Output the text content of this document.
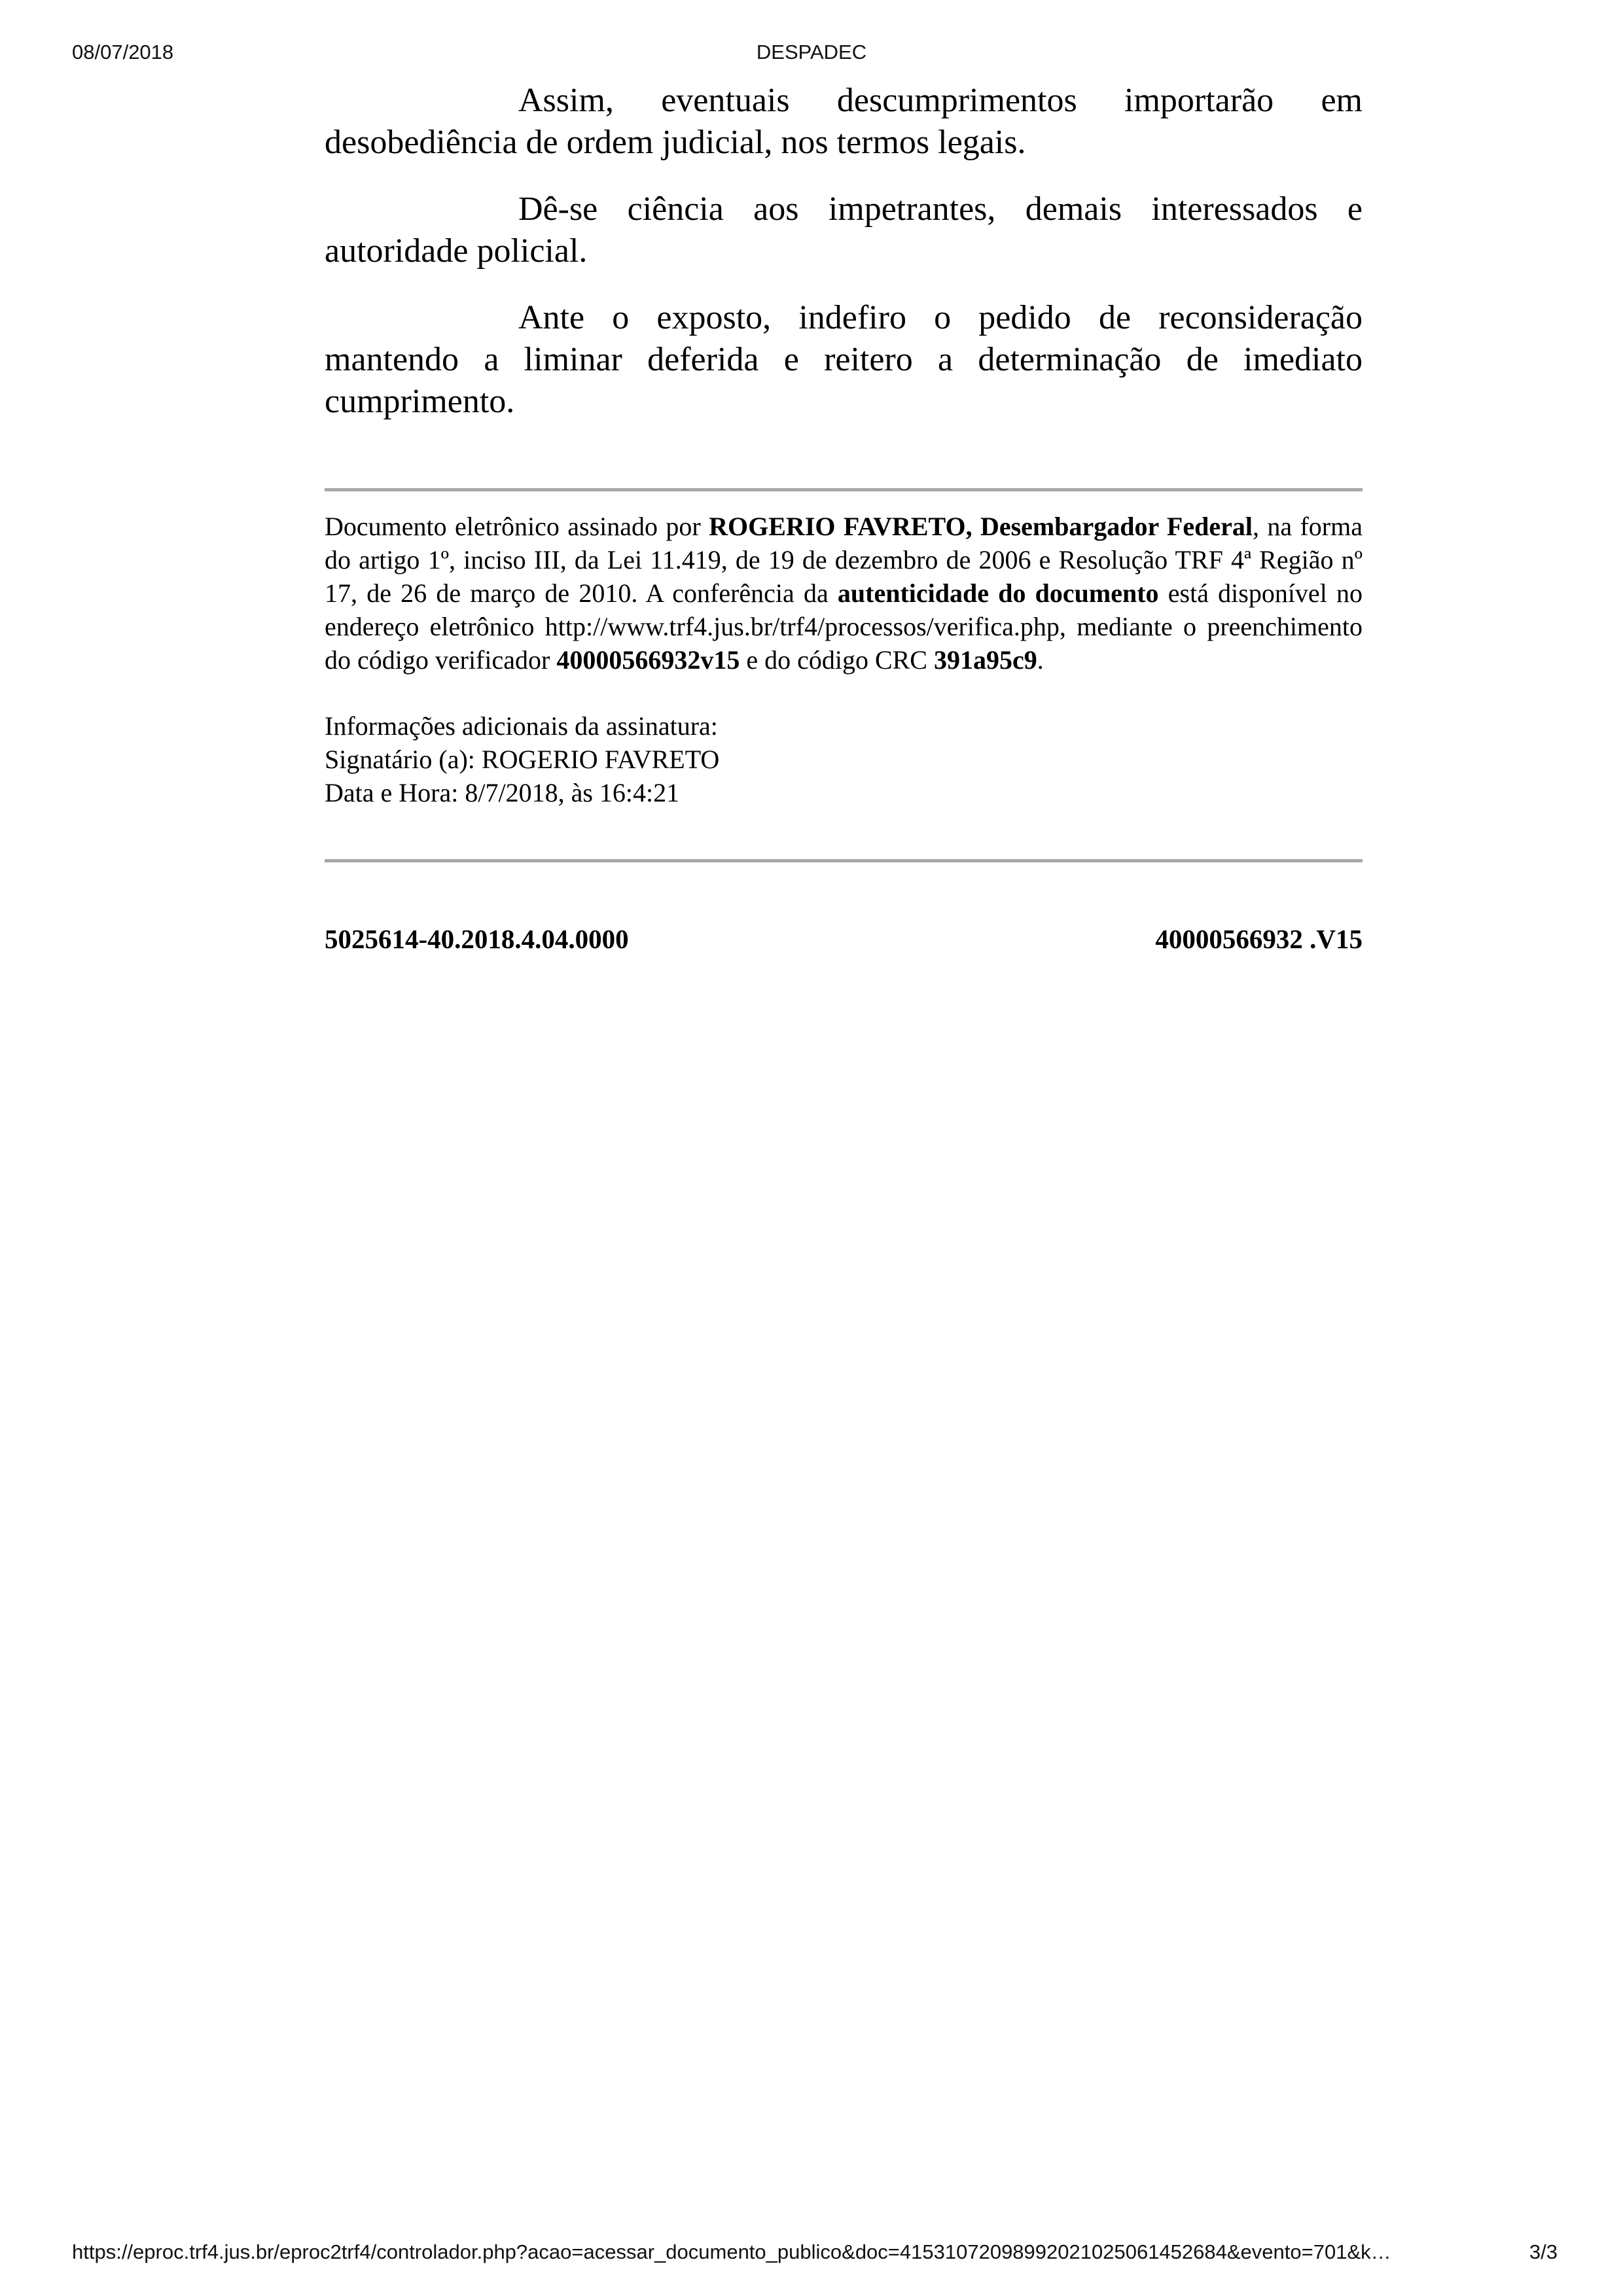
08/07/2018	DESPADEC

Assim, eventuais descumprimentos importarão em desobediência de ordem judicial, nos termos legais.

Dê-se ciência aos impetrantes, demais interessados e autoridade policial.

Ante o exposto, indefiro o pedido de reconsideração mantendo a liminar deferida e reitero a determinação de imediato cumprimento.

Documento eletrônico assinado por ROGERIO FAVRETO, Desembargador Federal, na forma do artigo 1º, inciso III, da Lei 11.419, de 19 de dezembro de 2006 e Resolução TRF 4ª Região nº 17, de 26 de março de 2010. A conferência da autenticidade do documento está disponível no endereço eletrônico http://www.trf4.jus.br/trf4/processos/verifica.php, mediante o preenchimento do código verificador 40000566932v15 e do código CRC 391a95c9.

Informações adicionais da assinatura:
Signatário (a): ROGERIO FAVRETO
Data e Hora: 8/7/2018, às 16:4:21
5025614-40.2018.4.04.0000	40000566932 .V15
https://eproc.trf4.jus.br/eproc2trf4/controlador.php?acao=acessar_documento_publico&doc=41531072098992021025061452684&evento=701&k…	3/3
